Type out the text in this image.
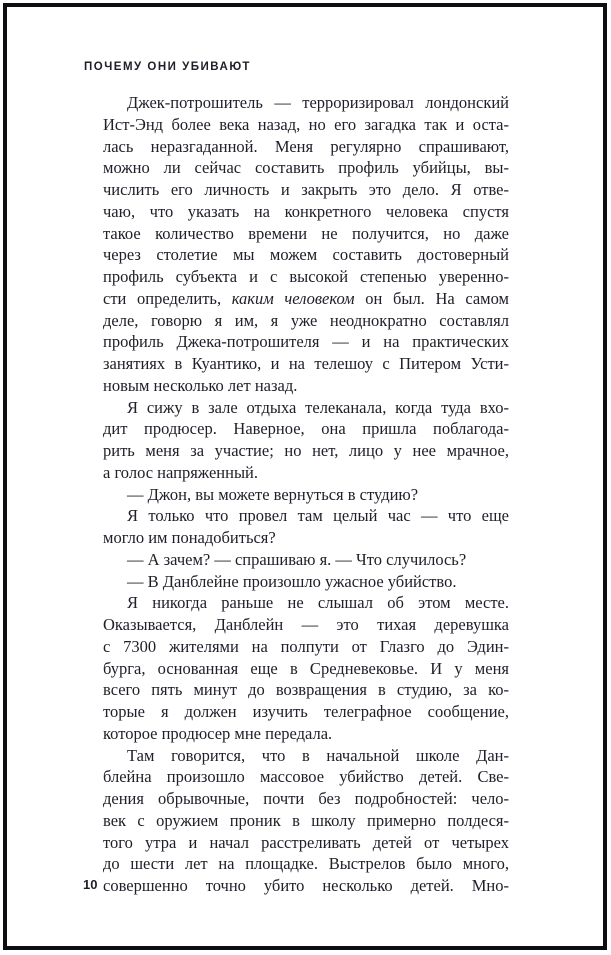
ПОЧЕМУ ОНИ УБИВАЮТ
Джек-потрошитель — терроризировал лондонский
Ист-Энд более века назад, но его загадка так и оста-
лась неразгаданной. Меня регулярно спрашивают,
можно ли сейчас составить профиль убийцы, вы-
числить его личность и закрыть это дело. Я отве-
чаю, что указать на конкретного человека спустя
такое количество времени не получится, но даже
через столетие мы можем составить достоверный
профиль субъекта и с высокой степенью уверенно-
сти определить, каким человеком он был. На самом
деле, говорю я им, я уже неоднократно составлял
профиль Джека-потрошителя — и на практических
занятиях в Куантико, и на телешоу с Питером Усти-
новым несколько лет назад.
Я сижу в зале отдыха телеканала, когда туда вхо-
дит продюсер. Наверное, она пришла поблагода-
рить меня за участие; но нет, лицо у нее мрачное,
а голос напряженный.
— Джон, вы можете вернуться в студию?
Я только что провел там целый час — что еще
могло им понадобиться?
— А зачем? — спрашиваю я. — Что случилось?
— В Данблейне произошло ужасное убийство.
Я никогда раньше не слышал об этом месте.
Оказывается, Данблейн — это тихая деревушка
с 7300 жителями на полпути от Глазго до Эдин-
бурга, основанная еще в Средневековье. И у меня
всего пять минут до возвращения в студию, за ко-
торые я должен изучить телеграфное сообщение,
которое продюсер мне передала.
Там говорится, что в начальной школе Дан-
блейна произошло массовое убийство детей. Све-
дения обрывочные, почти без подробностей: чело-
век с оружием проник в школу примерно полдеся-
того утра и начал расстреливать детей от четырех
до шести лет на площадке. Выстрелов было много,
совершенно точно убито несколько детей. Мно-
10
